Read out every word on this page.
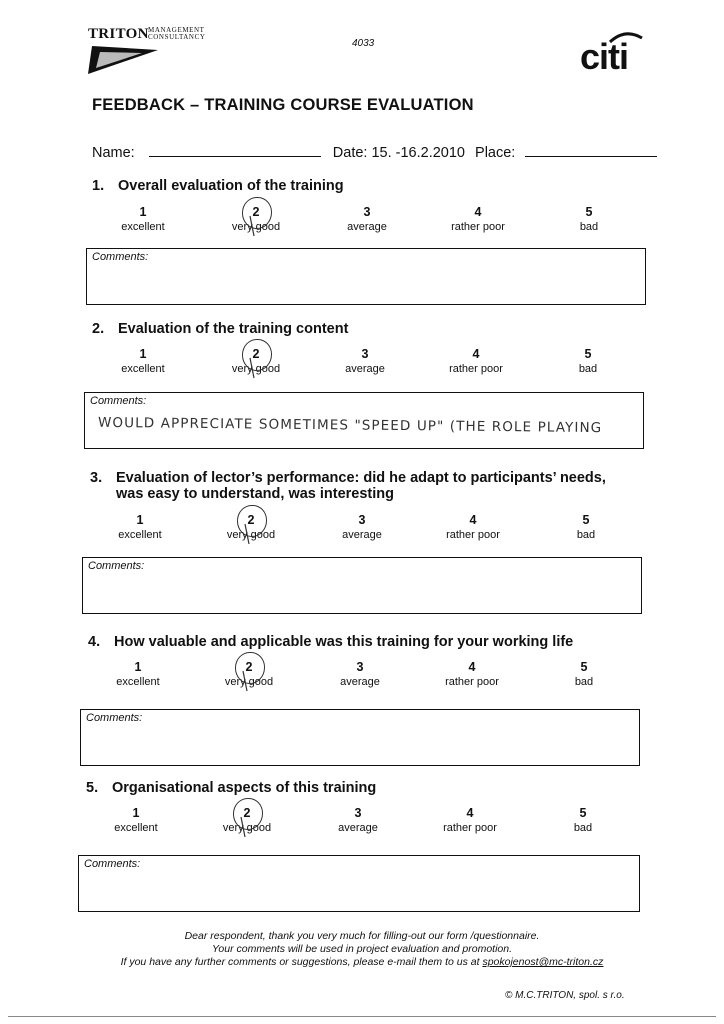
TRITON MANAGEMENT
CONSULTANCY
4033	citi
FEEDBACK – TRAINING COURSE EVALUATION
Name:	Date: 15. -16.2.2010 Place:
1. Overall evaluation of the training
1
excellent
2
very good
3
average
4
rather poor
5
bad
Comments:
2. Evaluation of the training content
1
excellent
2
very good
3
average
4
rather poor
5
bad
Comments:
WOULD APPRECIATE SOMETIMES "SPEED UP" (THE ROLE PLAYING
3. Evaluation of lector’s performance: did he adapt to participants’ needs,
was easy to understand, was interesting
1
excellent
2
very good
3
average
4
rather poor
5
bad
Comments:
4. How valuable and applicable was this training for your working life
1
excellent
2
very good
3
average
4
rather poor
5
bad
Comments:
5. Organisational aspects of this training
1
excellent
2
very good
3
average
4
rather poor
5
bad
Comments:
Dear respondent, thank you very much for filling-out our form /questionnaire.
Your comments will be used in project evaluation and promotion.
If you have any further comments or suggestions, please e-mail them to us at spokojenost@mc-triton.cz
© M.C.TRITON, spol. s r.o.
